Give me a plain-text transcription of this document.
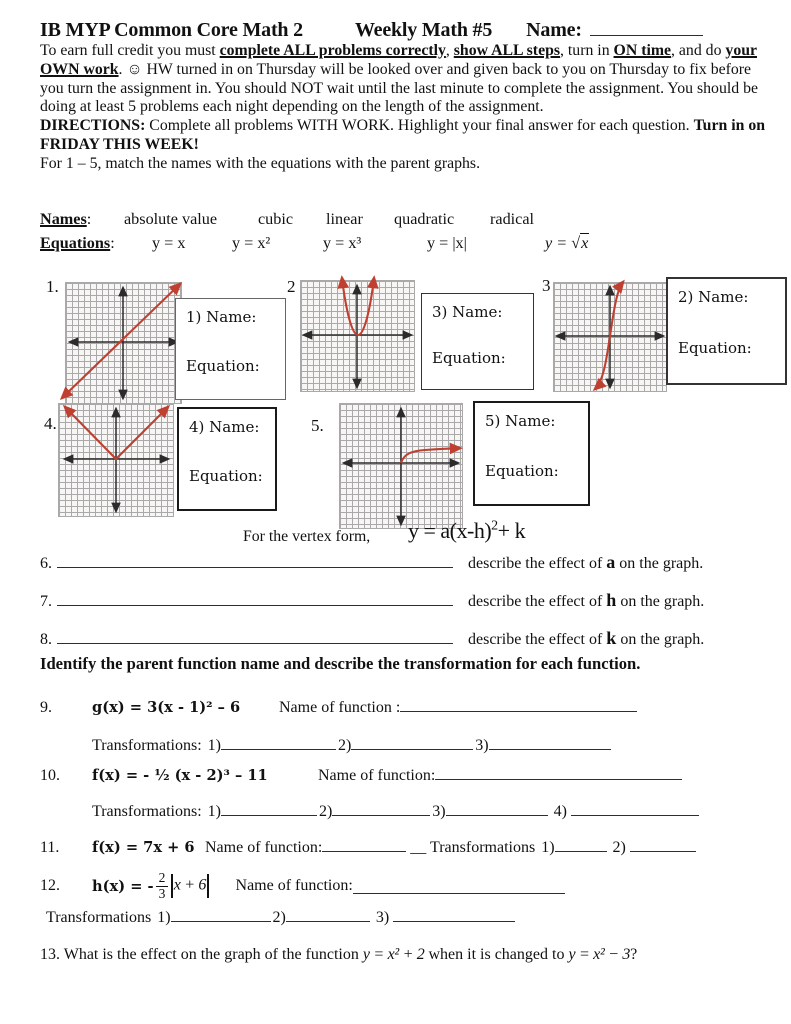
IB MYP Common Core Math 2	Weekly Math #5 Name:

To earn full credit you must complete ALL problems correctly, show ALL steps, turn in ON time, and do your OWN work. ☺ HW turned in on Thursday will be looked over and given back to you on Thursday to fix before you turn the assignment in. You should NOT wait until the last minute to complete the assignment. You should be doing at least 5 problems each night depending on the length of the assignment.

DIRECTIONS: Complete all problems WITH WORK. Highlight your final answer for each question. Turn in on FRIDAY THIS WEEK!

For 1 – 5, match the names with the equations with the parent graphs.

Names: absolute value	cubic linear quadratic radical
Equations: y = x	y = x²	y = x³	y = |x|	y = √x
1.	2	3
4.	5.
1) Name:
Equation:
3) Name:
Equation:
2) Name:
Equation:
4) Name:
Equation:
5) Name:
Equation:
For the vertex form, $y = a(x-h)^2+ k$
6.	describe the effect of a on the graph.
7.	describe the effect of h on the graph.
8.	describe the effect of k on the graph.
Identify the parent function name and describe the transformation for each function.
9.	g(x) = 3(x - 1)² – 6 Name of function :
Transformations: 1)	2)	3)
10. f(x) = - ½ (x - 2)³ – 11	Name of function:
Transformations: 1)	2)	3)	4)
11. f(x) = 7x + 6 Name of function:	__ Transformations 1)	2)
12.	h(x) = - $\frac{2}{3}$ x + 6 Name of function:
Transformations 1)	2)	3)
13. What is the effect on the graph of the function y = x² + 2 when it is changed to y = x² − 3?
